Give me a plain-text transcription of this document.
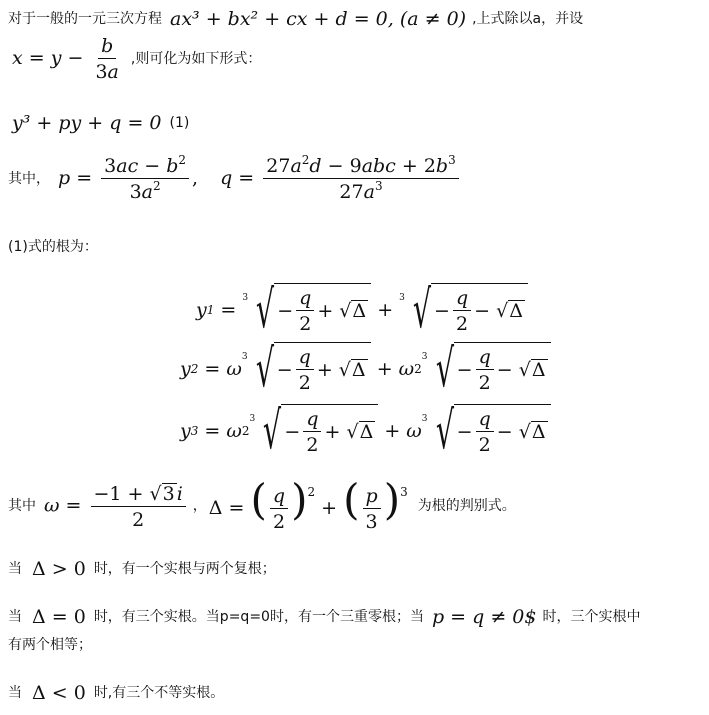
对于一般的一元三次方程 ax³ + bx² + cx + d = 0, (a ≠ 0) ,上式除以a，并设
$x = y - \frac{b}{3a}$ ,则可化为如下形式：
y³ + py + q = 0 (1)
其中， $p = \frac{3ac - b^2}{3a^2}$ , $q = \frac{27a^2d - 9abc + 2b^3}{27a^3}$
(1)式的根为：
y 1 =
3 √ − $\frac{q}{2}$ + √ Δ +
3 √ − $\frac{q}{2}$ − √ Δ
y 2 = ω
3 √ − $\frac{q}{2}$ + √ Δ + ω 2
3 √ − $\frac{q}{2}$ − √ Δ
y 3 = ω 2
3 √ − $\frac{q}{2}$ + √ Δ + ω
3 √ − $\frac{q}{2}$ − √ Δ
其中 $\omega = \frac{-1 + √3 i}{2}$ ， Δ = ( $\frac{q}{2} )^2$ + ( $\frac{p}{3} )^3$
为根的判别式。
当 Δ > 0 时，有一个实根与两个复根；
当 Δ = 0 时，有三个实根。当p=q=0时，有一个三重零根；当 p = q ≠ 0$ 时，三个实根中
有两个相等；
当 Δ < 0 时,有三个不等实根。
